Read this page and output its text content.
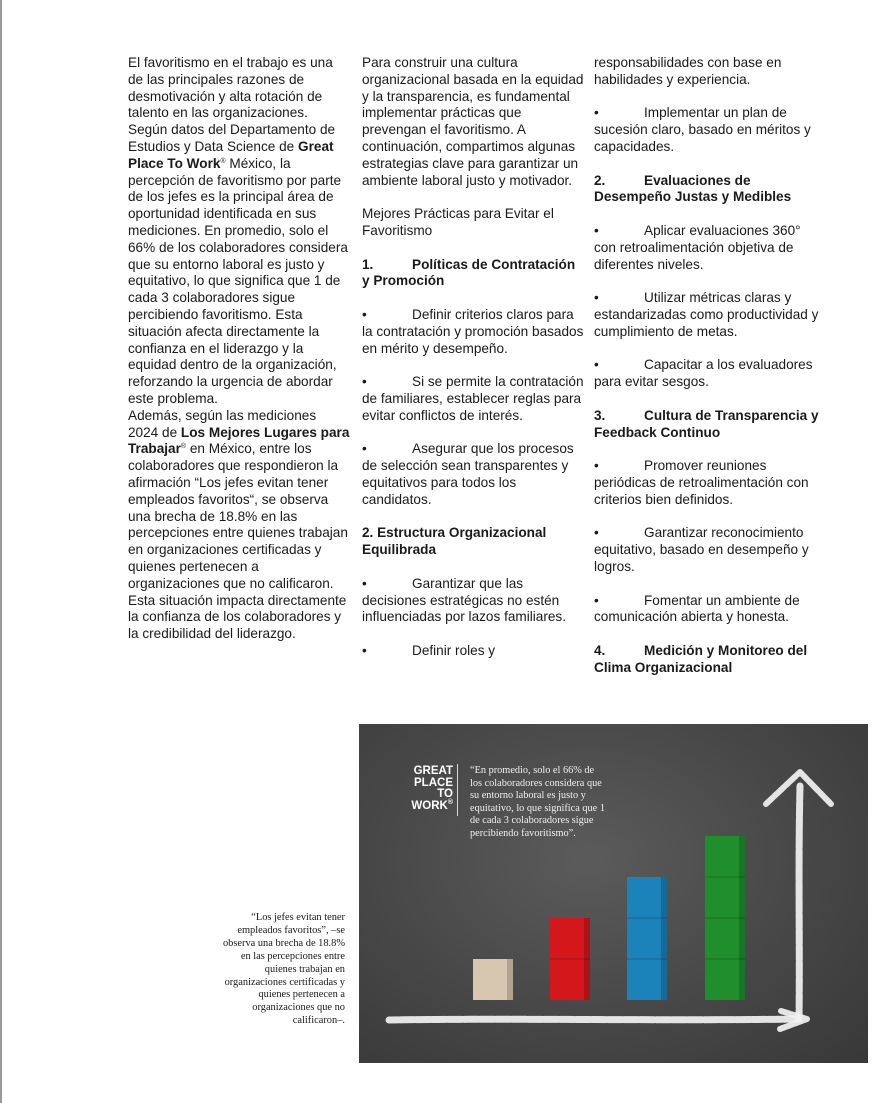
El favoritismo en el trabajo es una de las principales razones de desmotivación y alta rotación de talento en las organizaciones. Según datos del Departamento de Estudios y Data Science de Great Place To Work® México, la percepción de favoritismo por parte de los jefes es la principal área de oportunidad identificada en sus mediciones. En promedio, solo el 66% de los colaboradores considera que su entorno laboral es justo y equitativo, lo que significa que 1 de cada 3 colaboradores sigue percibiendo favoritismo. Esta situación afecta directamente la confianza en el liderazgo y la equidad dentro de la organización, reforzando la urgencia de abordar este problema.

Además, según las mediciones 2024 de Los Mejores Lugares para Trabajar® en México, entre los colaboradores que respondieron la afirmación “Los jefes evitan tener empleados favoritos“, se observa una brecha de 18.8% en las percepciones entre quienes trabajan en organizaciones certificadas y quienes pertenecen a organizaciones que no calificaron. Esta situación impacta directamente la confianza de los colaboradores y la credibilidad del liderazgo.

Para construir una cultura organizacional basada en la equidad y la transparencia, es fundamental implementar prácticas que prevengan el favoritismo. A continuación, compartimos algunas estrategias clave para garantizar un ambiente laboral justo y motivador.

Mejores Prácticas para Evitar el Favoritismo

1.	Políticas de Contratación y Promoción

•	Definir criterios claros para la contratación y promoción basados en mérito y desempeño.

•	Si se permite la contratación de familiares, establecer reglas para evitar conflictos de interés.

•	Asegurar que los procesos de selección sean transparentes y equitativos para todos los candidatos.

2. Estructura Organizacional Equilibrada

•	Garantizar que las decisiones estratégicas no estén influenciadas por lazos familiares.

•	Definir roles y

responsabilidades con base en habilidades y experiencia.

•	Implementar un plan de sucesión claro, basado en méritos y capacidades.

2.	Evaluaciones de Desempeño Justas y Medibles

•	Aplicar evaluaciones 360° con retroalimentación objetiva de diferentes niveles.

•	Utilizar métricas claras y estandarizadas como productividad y cumplimiento de metas.

•	Capacitar a los evaluadores para evitar sesgos.

3.	Cultura de Transparencia y Feedback Continuo

•	Promover reuniones periódicas de retroalimentación con criterios bien definidos.

•	Garantizar reconocimiento equitativo, basado en desempeño y logros.

•	Fomentar un ambiente de comunicación abierta y honesta.

4.	Medición y Monitoreo del Clima Organizacional

“Los jefes evitan tener empleados favoritos”, –se observa una brecha de 18.8% en las percepciones entre quienes trabajan en organizaciones certificadas y quienes pertenecen a organizaciones que no calificaron–.
GREAT
PLACE
TO
WORK®
“En promedio, solo el 66% de los colaboradores considera que su entorno laboral es justo y equitativo, lo que significa que 1 de cada 3 colaboradores sigue percibiendo favoritismo”.
